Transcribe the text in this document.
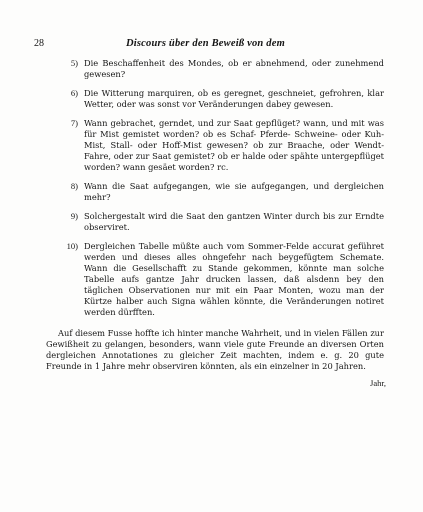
28	Discours über den Beweiß von dem
5) Die Beschaffenheit des Mondes, ob er abnehmend, oder zunehmend gewesen?
6) Die Witterung marquiren, ob es geregnet, geschneiet, gefrohren, klar Wetter, oder was sonst vor Veränderungen dabey gewesen.
7) Wann gebrachet, gerndet, und zur Saat gepflüget? wann, und mit was für Mist gemistet worden? ob es Schaf- Pferde- Schweine- oder Kuh-Mist, Stall- oder Hoff-Mist gewesen? ob zur Braache, oder Wendt-Fahre, oder zur Saat gemistet? ob er halde oder spähte untergepflüget worden? wann gesäet worden? rc.
8) Wann die Saat aufgegangen, wie sie aufgegangen, und dergleichen mehr?
9) Solchergestalt wird die Saat den gantzen Winter durch bis zur Erndte observiret.
10) Dergleichen Tabelle müßte auch vom Sommer-Felde accurat geführet werden und dieses alles ohngefehr nach beygefügtem Schemate. Wann die Gesellschafft zu Stande gekommen, könnte man solche Tabelle aufs gantze Jahr drucken lassen, daß alsdenn bey den täglichen Observationen nur mit ein Paar Monten, wozu man der Kürtze halber auch Signa wählen könnte, die Veränderungen notiret werden dürfften.
Auf diesem Fusse hoffte ich hinter manche Wahrheit, und in vielen Fällen zur Gewißheit zu gelangen, besonders, wann viele gute Freunde an diversen Orten dergleichen Annotationes zu gleicher Zeit machten, indem e. g. 20 gute Freunde in 1 Jahre mehr observiren könnten, als ein einzelner in 20 Jahren.
Jahr,
